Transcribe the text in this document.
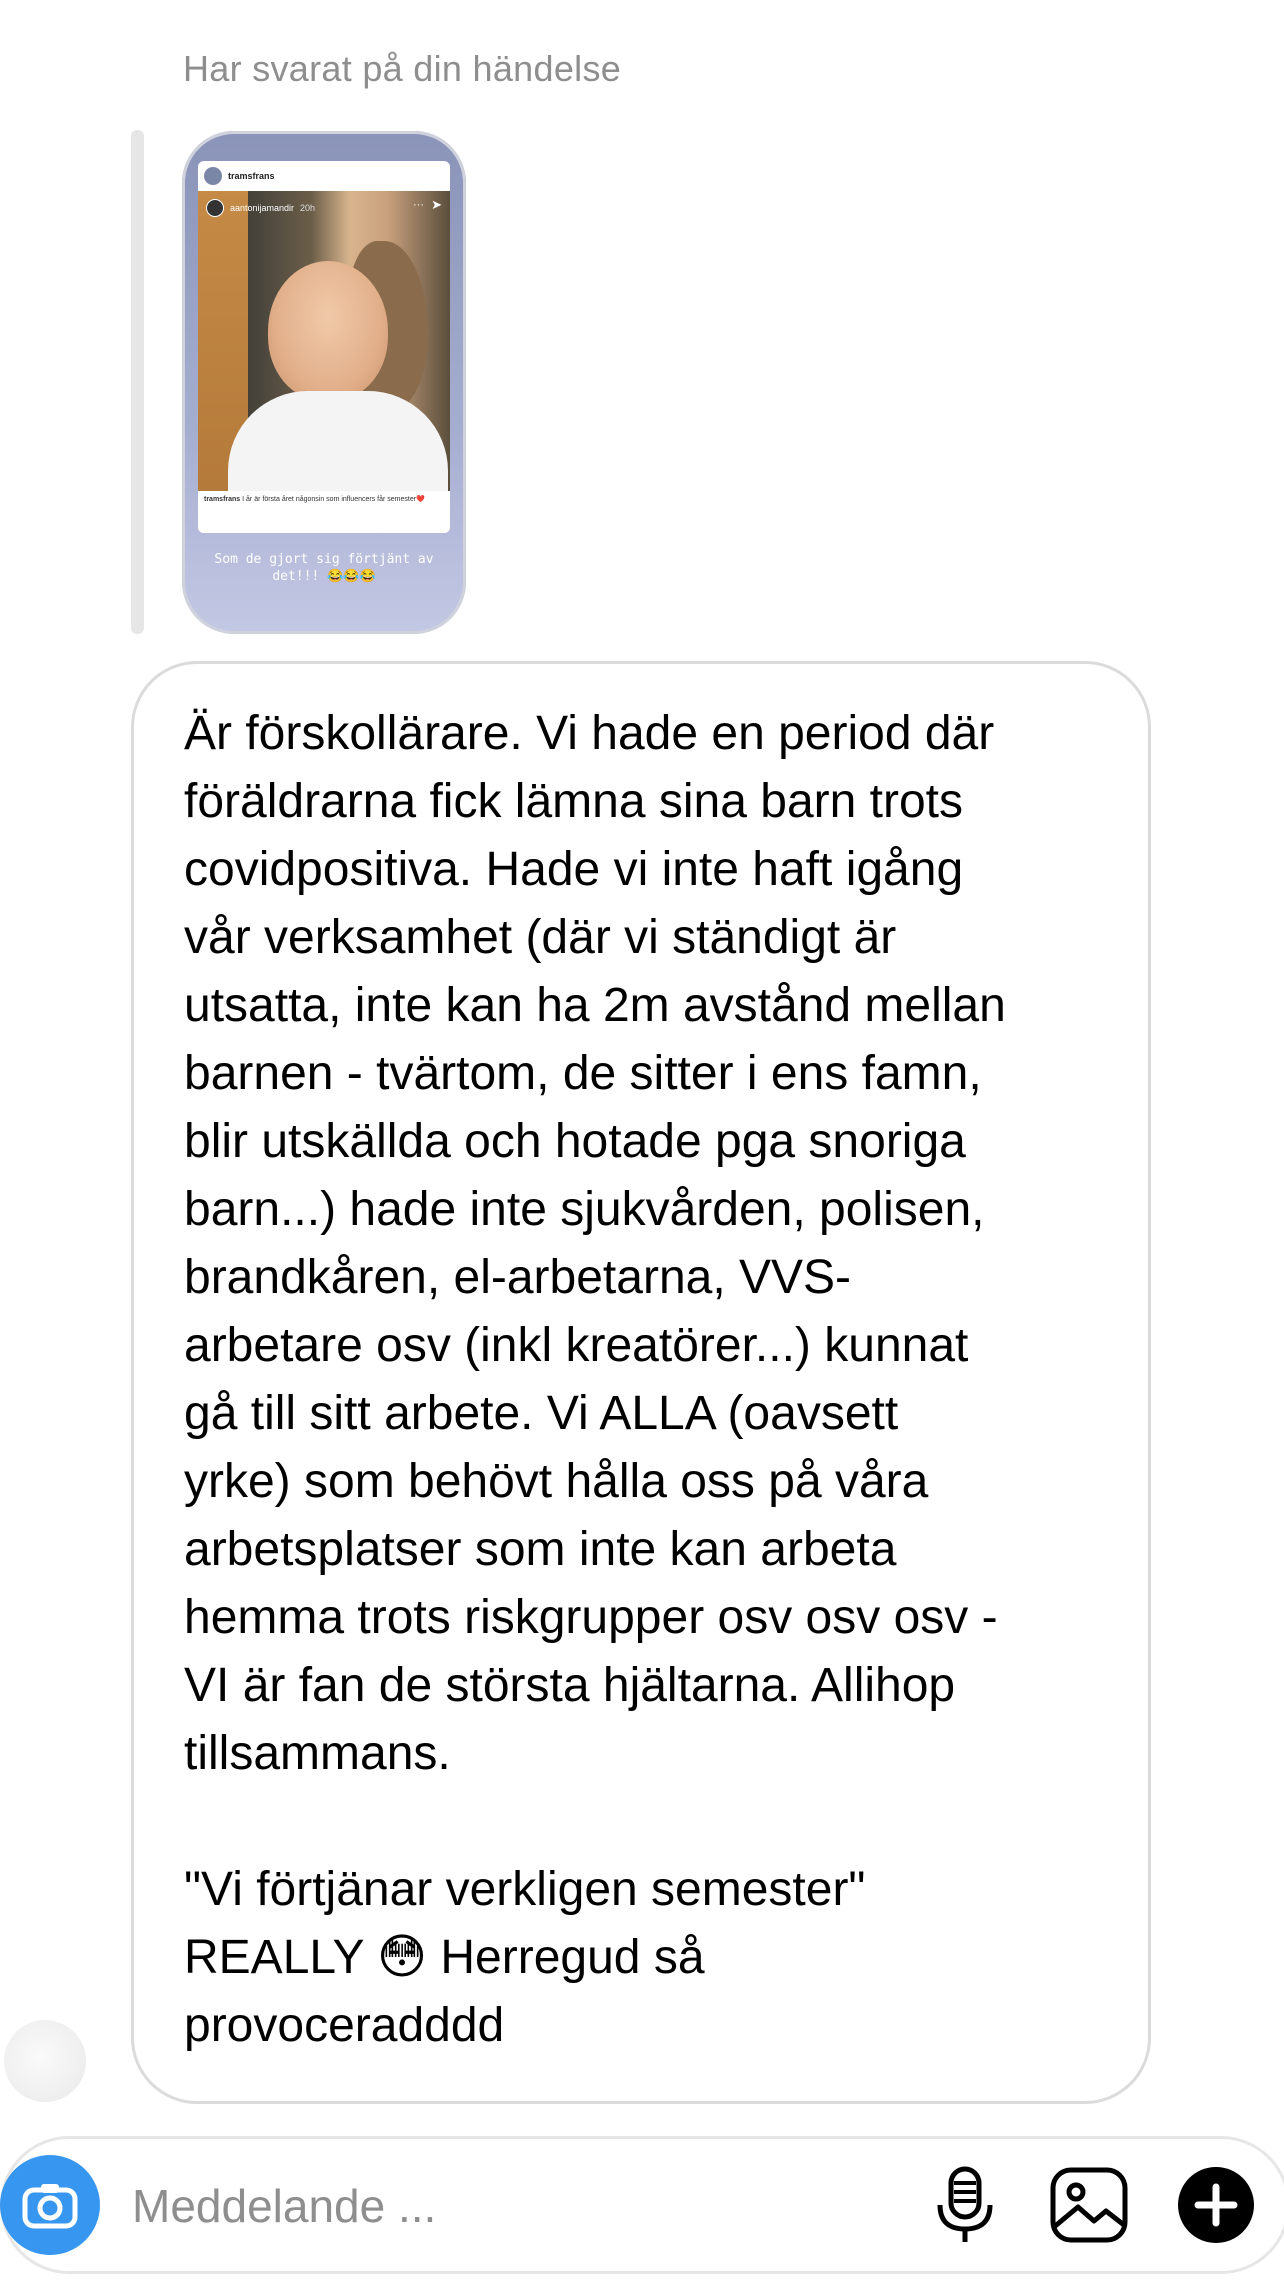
Har svarat på din händelse
tramsfrans
aantonijamandir 20h	··· ➤
tramsfrans I år är första året någonsin som influencers får semester❤️
Som de gjort sig förtjänt av det!!! 😂😂😂

Är förskollärare. Vi hade en period där
föräldrarna fick lämna sina barn trots
covidpositiva. Hade vi inte haft igång
vår verksamhet (där vi ständigt är
utsatta, inte kan ha 2m avstånd mellan
barnen - tvärtom, de sitter i ens famn,
blir utskällda och hotade pga snoriga
barn...) hade inte sjukvården, polisen,
brandkåren, el-arbetarna, VVS-
arbetare osv (inkl kreatörer...) kunnat
gå till sitt arbete. Vi ALLA (oavsett
yrke) som behövt hålla oss på våra
arbetsplatser som inte kan arbeta
hemma trots riskgrupper osv osv osv -
VI är fan de största hjältarna. Allihop
tillsammans.

"Vi förtjänar verkligen semester"
REALLY 😳 Herregud så
provoceradddd

Meddelande ...
